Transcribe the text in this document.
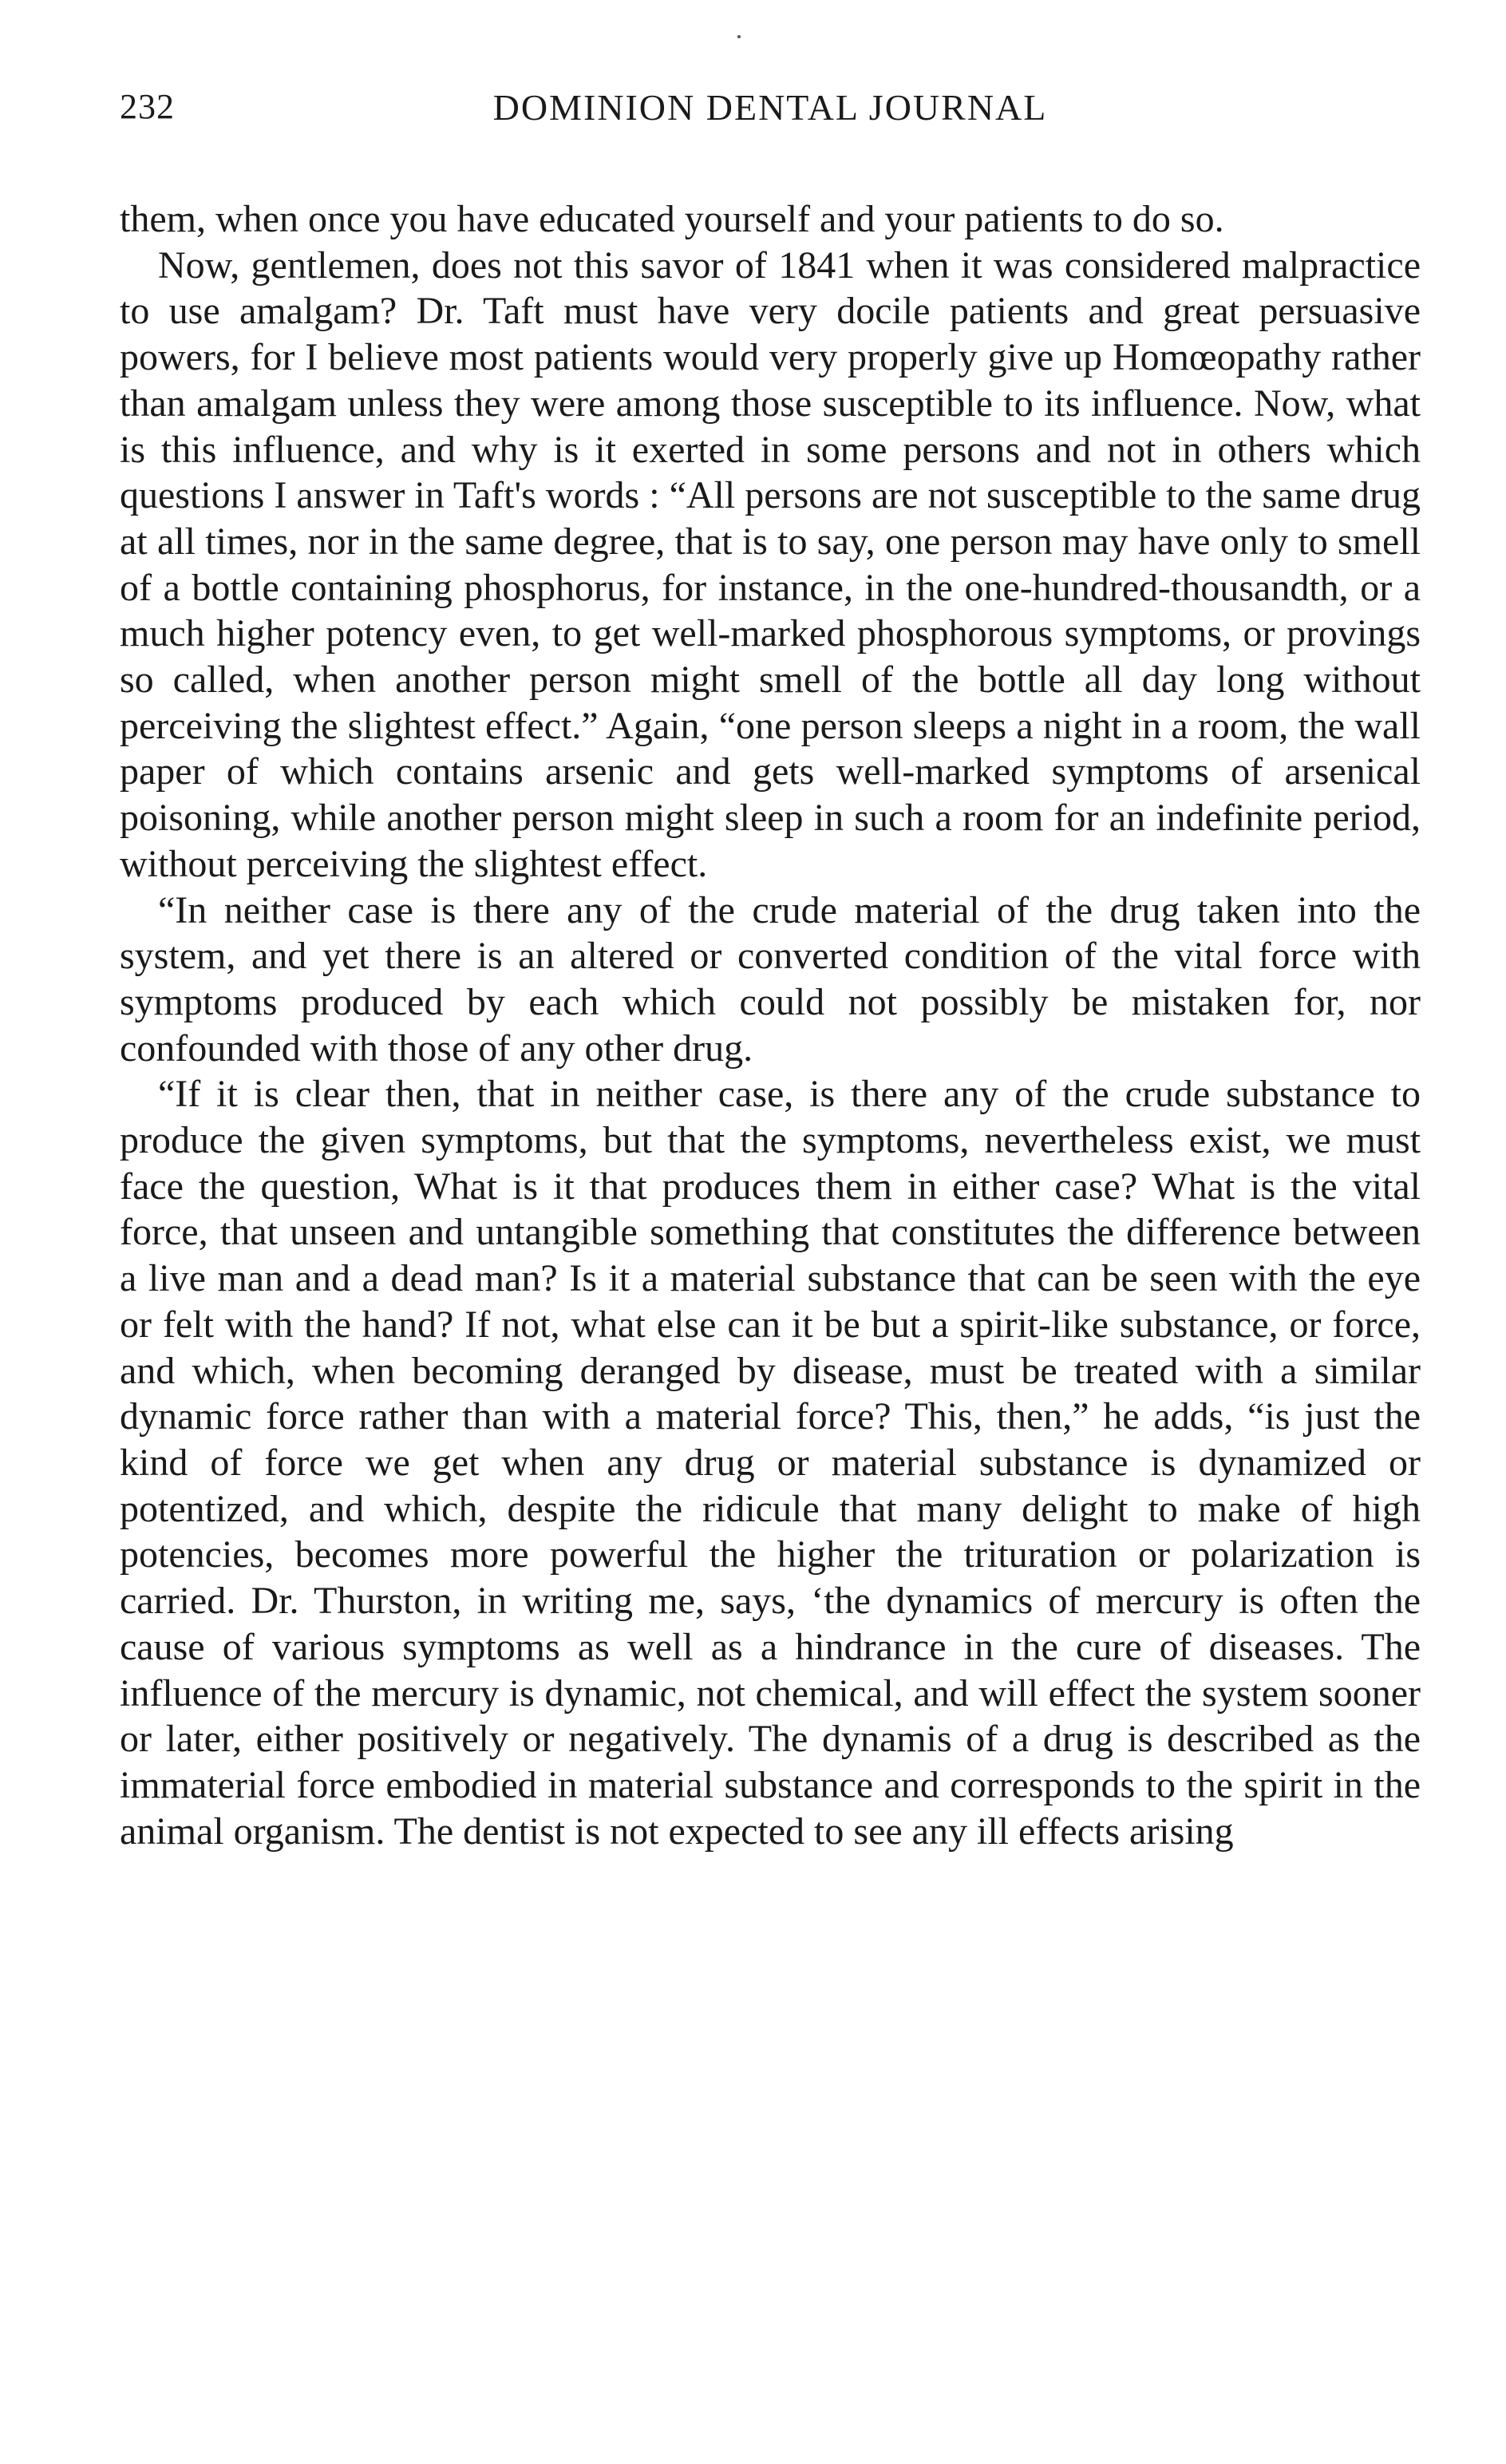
232	DOMINION DENTAL JOURNAL

them, when once you have educated yourself and your patients to do so.

Now, gentlemen, does not this savor of 1841 when it was considered malpractice to use amalgam? Dr. Taft must have very docile patients and great persuasive powers, for I believe most patients would very properly give up Homœopathy rather than amalgam unless they were among those susceptible to its influence. Now, what is this influence, and why is it exerted in some persons and not in others which questions I answer in Taft's words : “All persons are not susceptible to the same drug at all times, nor in the same degree, that is to say, one person may have only to smell of a bottle containing phosphorus, for instance, in the one-hundred-thousandth, or a much higher potency even, to get well-marked phosphorous symptoms, or provings so called, when another person might smell of the bottle all day long without perceiving the slightest effect.” Again, “one person sleeps a night in a room, the wall paper of which contains arsenic and gets well-marked symptoms of arsenical poisoning, while another person might sleep in such a room for an indefinite period, without perceiving the slightest effect.

“In neither case is there any of the crude material of the drug taken into the system, and yet there is an altered or converted condition of the vital force with symptoms produced by each which could not possibly be mistaken for, nor confounded with those of any other drug.

“If it is clear then, that in neither case, is there any of the crude substance to produce the given symptoms, but that the symptoms, nevertheless exist, we must face the question, What is it that produces them in either case? What is the vital force, that unseen and untangible something that constitutes the difference between a live man and a dead man? Is it a material substance that can be seen with the eye or felt with the hand? If not, what else can it be but a spirit-like substance, or force, and which, when becoming deranged by disease, must be treated with a similar dynamic force rather than with a material force? This, then,” he adds, “is just the kind of force we get when any drug or material substance is dynamized or potentized, and which, despite the ridicule that many delight to make of high potencies, becomes more powerful the higher the trituration or polarization is carried. Dr. Thurston, in writing me, says, ‘the dynamics of mercury is often the cause of various symptoms as well as a hindrance in the cure of diseases. The influence of the mercury is dynamic, not chemical, and will effect the system sooner or later, either positively or negatively. The dynamis of a drug is described as the immaterial force embodied in material substance and corresponds to the spirit in the animal organism. The dentist is not expected to see any ill effects arising
